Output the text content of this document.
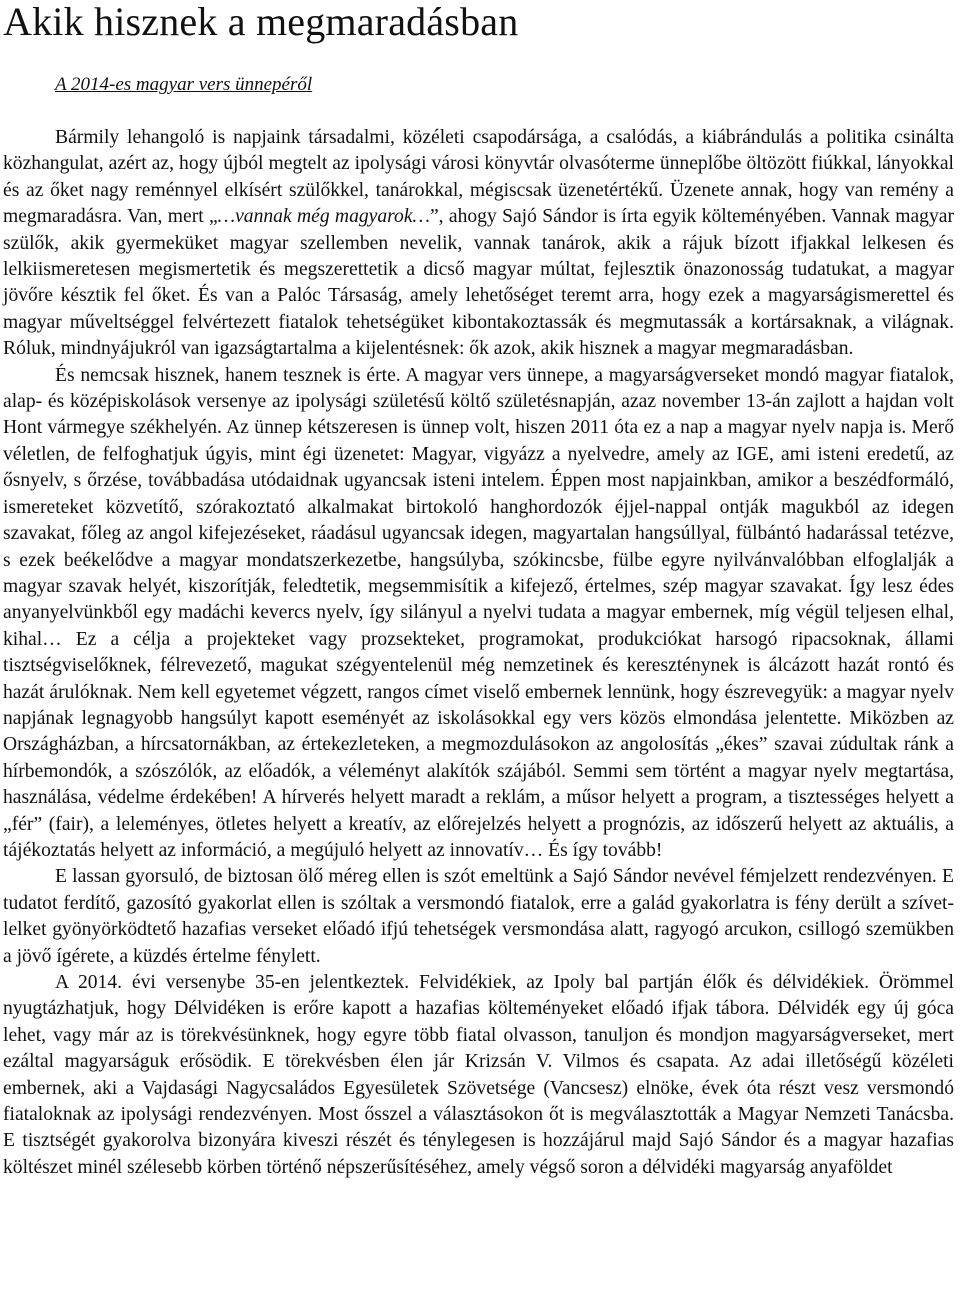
Akik hisznek a megmaradásban
A 2014-es magyar vers ünnepéről

Bármily lehangoló is napjaink társadalmi, közéleti csapodársága, a csalódás, a kiábrándulás a politika csinálta közhangulat, azért az, hogy újból megtelt az ipolysági városi könyvtár olvasóterme ünneplőbe öltözött fiúkkal, lányokkal és az őket nagy reménnyel elkísért szülőkkel, tanárokkal, mégiscsak üzenetértékű. Üzenete annak, hogy van remény a megmaradásra. Van, mert „…vannak még magyarok…”, ahogy Sajó Sándor is írta egyik költeményében. Vannak magyar szülők, akik gyermeküket magyar szellemben nevelik, vannak tanárok, akik a rájuk bízott ifjakkal lelkesen és lelkiismeretesen megismertetik és megszerettetik a dicső magyar múltat, fejlesztik önazonosság tudatukat, a magyar jövőre késztik fel őket. És van a Palóc Társaság, amely lehetőséget teremt arra, hogy ezek a magyarságismerettel és magyar műveltséggel felvértezett fiatalok tehetségüket kibontakoztassák és megmutassák a kortársaknak, a világnak. Róluk, mindnyájukról van igazságtartalma a kijelentésnek: ők azok, akik hisznek a magyar megmaradásban.

És nemcsak hisznek, hanem tesznek is érte. A magyar vers ünnepe, a magyarságverseket mondó magyar fiatalok, alap- és középiskolások versenye az ipolysági születésű költő születésnapján, azaz november 13-án zajlott a hajdan volt Hont vármegye székhelyén. Az ünnep kétszeresen is ünnep volt, hiszen 2011 óta ez a nap a magyar nyelv napja is. Merő véletlen, de felfoghatjuk úgyis, mint égi üzenetet: Magyar, vigyázz a nyelvedre, amely az IGE, ami isteni eredetű, az ősnyelv, s őrzése, továbbadása utódaidnak ugyancsak isteni intelem. Éppen most napjainkban, amikor a beszédformáló, ismereteket közvetítő, szórakoztató alkalmakat birtokoló hanghordozók éjjel-nappal ontják magukból az idegen szavakat, főleg az angol kifejezéseket, ráadásul ugyancsak idegen, magyartalan hangsúllyal, fülbántó hadarással tetézve, s ezek beékelődve a magyar mondatszerkezetbe, hangsúlyba, szókincsbe, fülbe egyre nyilvánvalóbban elfoglalják a magyar szavak helyét, kiszorítják, feledtetik, megsemmisítik a kifejező, értelmes, szép magyar szavakat. Így lesz édes anyanyelvünkből egy madáchi kevercs nyelv, így silányul a nyelvi tudata a magyar embernek, míg végül teljesen elhal, kihal… Ez a célja a projekteket vagy prozsekteket, programokat, produkciókat harsogó ripacsoknak, állami tisztségviselőknek, félrevezető, magukat szégyentelenül még nemzetinek és kereszténynek is álcázott hazát rontó és hazát árulóknak. Nem kell egyetemet végzett, rangos címet viselő embernek lennünk, hogy észrevegyük: a magyar nyelv napjának legnagyobb hangsúlyt kapott eseményét az iskolásokkal egy vers közös elmondása jelentette. Miközben az Országházban, a hírcsatornákban, az értekezleteken, a megmozdulásokon az angolosítás „ékes” szavai zúdultak ránk a hírbemondók, a szószólók, az előadók, a véleményt alakítók szájából. Semmi sem történt a magyar nyelv megtartása, használása, védelme érdekében! A hírverés helyett maradt a reklám, a műsor helyett a program, a tisztességes helyett a „fér” (fair), a leleményes, ötletes helyett a kreatív, az előrejelzés helyett a prognózis, az időszerű helyett az aktuális, a tájékoztatás helyett az információ, a megújuló helyett az innovatív… És így tovább!

E lassan gyorsuló, de biztosan ölő méreg ellen is szót emeltünk a Sajó Sándor nevével fémjelzett rendezvényen. E tudatot ferdítő, gazosító gyakorlat ellen is szóltak a versmondó fiatalok, erre a galád gyakorlatra is fény derült a szívet-lelket gyönyörködtető hazafias verseket előadó ifjú tehetségek versmondása alatt, ragyogó arcukon, csillogó szemükben a jövő ígérete, a küzdés értelme fénylett.

A 2014. évi versenybe 35-en jelentkeztek. Felvidékiek, az Ipoly bal partján élők és délvidékiek. Örömmel nyugtázhatjuk, hogy Délvidéken is erőre kapott a hazafias költeményeket előadó ifjak tábora. Délvidék egy új góca lehet, vagy már az is törekvésünknek, hogy egyre több fiatal olvasson, tanuljon és mondjon magyarságverseket, mert ezáltal magyarságuk erősödik. E törekvésben élen jár Krizsán V. Vilmos és csapata. Az adai illetőségű közéleti embernek, aki a Vajdasági Nagycsaládos Egyesületek Szövetsége (Vancsesz) elnöke, évek óta részt vesz versmondó fiataloknak az ipolysági rendezvényen. Most ősszel a választásokon őt is megválasztották a Magyar Nemzeti Tanácsba. E tisztségét gyakorolva bizonyára kiveszi részét és ténylegesen is hozzájárul majd Sajó Sándor és a magyar hazafias költészet minél szélesebb körben történő népszerűsítéséhez, amely végső soron a délvidéki magyarság anyaföldet
